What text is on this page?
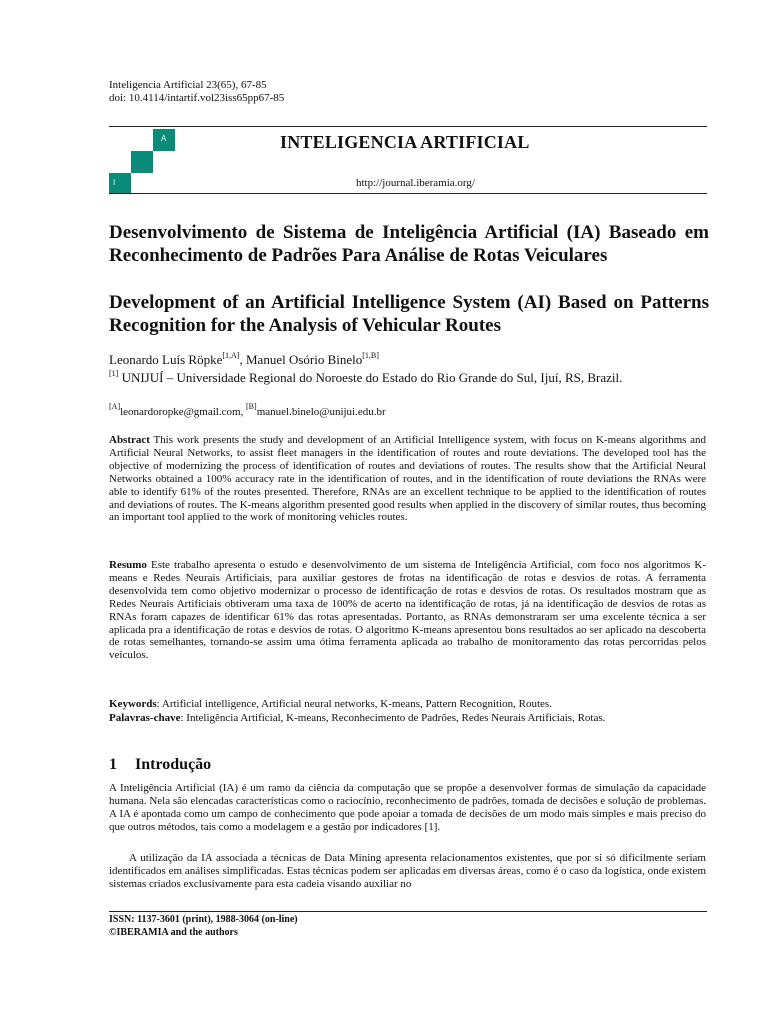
Inteligencia Artificial 23(65), 67-85
doi: 10.4114/intartif.vol23iss65pp67-85
A
I
INTELIGENCIA ARTIFICIAL
http://journal.iberamia.org/
Desenvolvimento de Sistema de Inteligência Artificial (IA) Baseado em Reconhecimento de Padrões Para Análise de Rotas Veiculares
Development of an Artificial Intelligence System (AI) Based on Patterns Recognition for the Analysis of Vehicular Routes
Leonardo Luís Röpke[1,A], Manuel Osório Binelo[1,B]
[1] UNIJUÍ – Universidade Regional do Noroeste do Estado do Rio Grande do Sul, Ijuí, RS, Brazil.
[A]leonardoropke@gmail.com, [B]manuel.binelo@unijui.edu.br
Abstract This work presents the study and development of an Artificial Intelligence system, with focus on K-means algorithms and Artificial Neural Networks, to assist fleet managers in the identification of routes and route deviations. The developed tool has the objective of modernizing the process of identification of routes and deviations of routes. The results show that the Artificial Neural Networks obtained a 100% accuracy rate in the identification of routes, and in the identification of route deviations the RNAs were able to identify 61% of the routes presented. Therefore, RNAs are an excellent technique to be applied to the identification of routes and deviations of routes. The K-means algorithm presented good results when applied in the discovery of similar routes, thus becoming an important tool applied to the work of monitoring vehicles routes.
Resumo Este trabalho apresenta o estudo e desenvolvimento de um sistema de Inteligência Artificial, com foco nos algoritmos K-means e Redes Neurais Artificiais, para auxiliar gestores de frotas na identificação de rotas e desvios de rotas. A ferramenta desenvolvida tem como objetivo modernizar o processo de identificação de rotas e desvios de rotas. Os resultados mostram que as Redes Neurais Artificiais obtiveram uma taxa de 100% de acerto na identificação de rotas, já na identificação de desvios de rotas as RNAs foram capazes de identificar 61% das rotas apresentadas. Portanto, as RNAs demonstraram ser uma excelente técnica a ser aplicada pra a identificação de rotas e desvios de rotas. O algoritmo K-means apresentou bons resultados ao ser aplicado na descoberta de rotas semelhantes, tornando-se assim uma ótima ferramenta aplicada ao trabalho de monitoramento das rotas percorridas pelos veículos.
Keywords: Artificial intelligence, Artificial neural networks, K-means, Pattern Recognition, Routes.
Palavras-chave: Inteligência Artificial, K-means, Reconhecimento de Padrões, Redes Neurais Artificiais, Rotas.
1 Introdução
A Inteligência Artificial (IA) é um ramo da ciência da computação que se propõe a desenvolver formas de simulação da capacidade humana. Nela são elencadas características como o raciocínio, reconhecimento de padrões, tomada de decisões e solução de problemas. A IA é apontada como um campo de conhecimento que pode apoiar a tomada de decisões de um modo mais simples e mais preciso do que outros métodos, tais como a modelagem e a gestão por indicadores [1].
A utilização da IA associada a técnicas de Data Mining apresenta relacionamentos existentes, que por si só dificilmente seriam identificados em análises simplificadas. Estas técnicas podem ser aplicadas em diversas áreas, como é o caso da logística, onde existem sistemas criados exclusivamente para esta cadeia visando auxiliar no
ISSN: 1137-3601 (print), 1988-3064 (on-line)
©IBERAMIA and the authors
